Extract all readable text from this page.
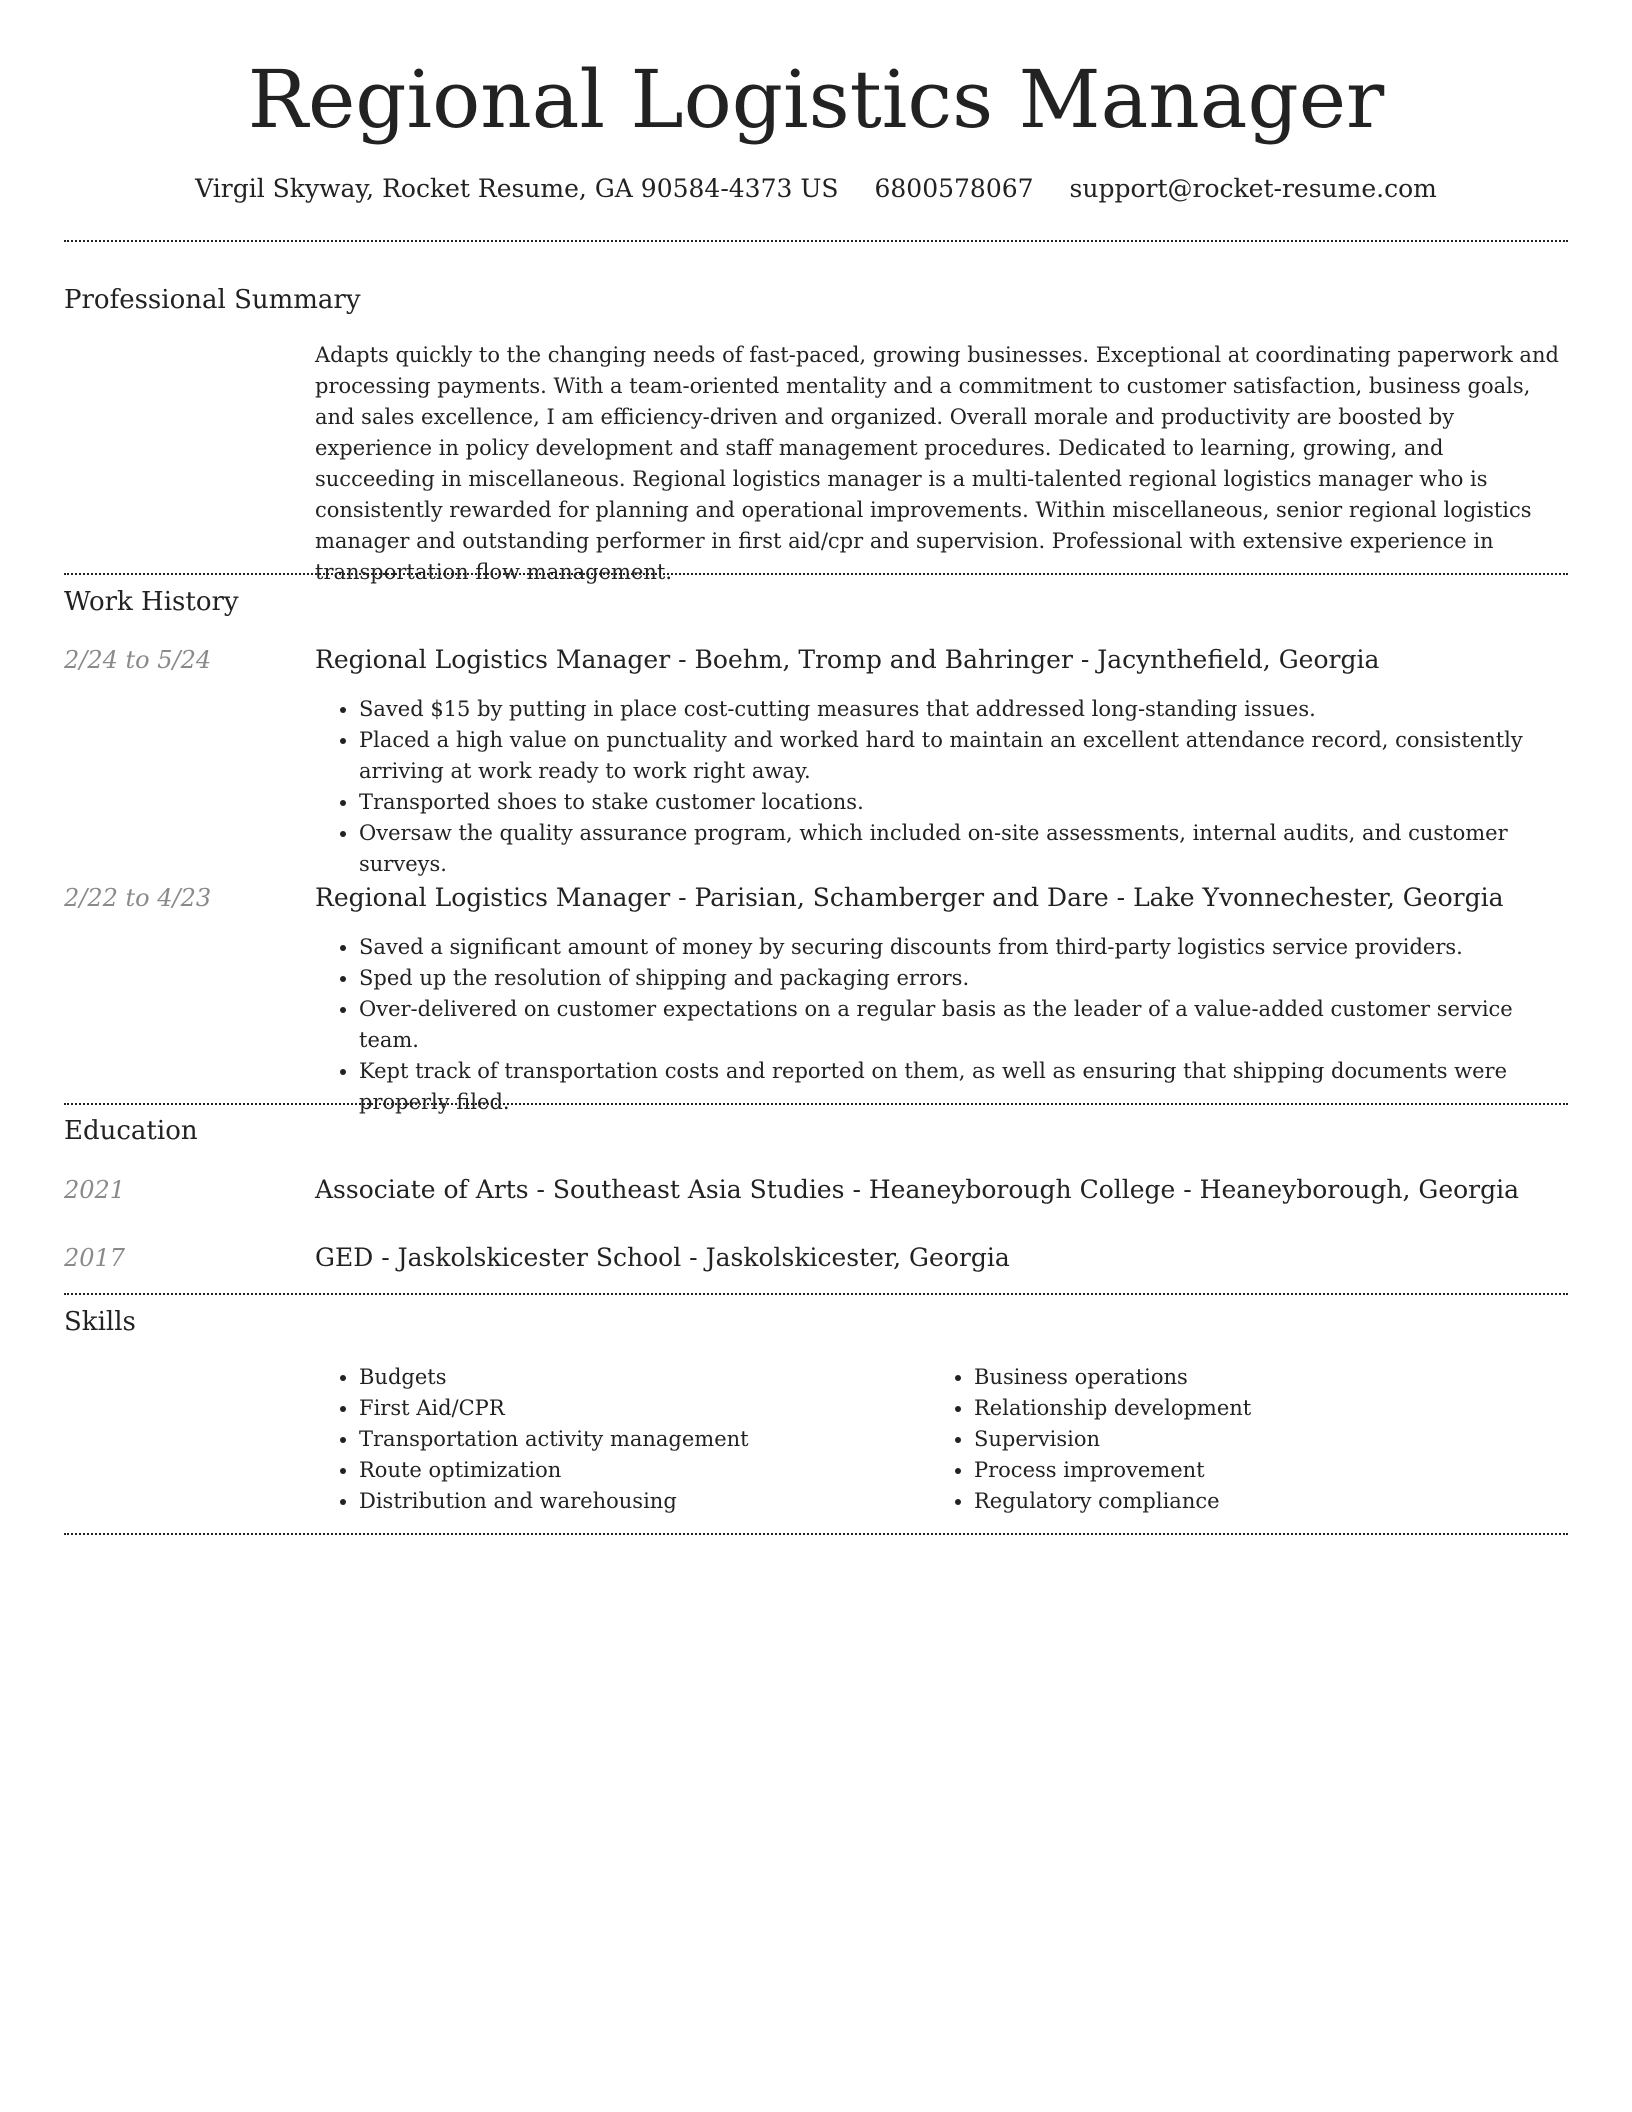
Regional Logistics Manager
Virgil Skyway, Rocket Resume, GA 90584-4373 US 6800578067 support@rocket-resume.com
Professional Summary

Adapts quickly to the changing needs of fast-paced, growing businesses. Exceptional at coordinating paperwork and processing payments. With a team-oriented mentality and a commitment to customer satisfaction, business goals, and sales excellence, I am efficiency-driven and organized. Overall morale and productivity are boosted by experience in policy development and staff management procedures. Dedicated to learning, growing, and succeeding in miscellaneous. Regional logistics manager is a multi-talented regional logistics manager who is consistently rewarded for planning and operational improvements. Within miscellaneous, senior regional logistics manager and outstanding performer in first aid/cpr and supervision. Professional with extensive experience in transportation flow management.

Work History
2/24 to 5/24	Regional Logistics Manager - Boehm, Tromp and Bahringer - Jacynthefield, Georgia
• Saved $15 by putting in place cost-cutting measures that addressed long-standing issues.
• Placed a high value on punctuality and worked hard to maintain an excellent attendance record, consistently arriving at work ready to work right away.
• Transported shoes to stake customer locations.
• Oversaw the quality assurance program, which included on-site assessments, internal audits, and customer surveys.
2/22 to 4/23	Regional Logistics Manager - Parisian, Schamberger and Dare - Lake Yvonnechester, Georgia
• Saved a significant amount of money by securing discounts from third-party logistics service providers.
• Sped up the resolution of shipping and packaging errors.
• Over-delivered on customer expectations on a regular basis as the leader of a value-added customer service team.
• Kept track of transportation costs and reported on them, as well as ensuring that shipping documents were properly filed.
Education
2021	Associate of Arts - Southeast Asia Studies - Heaneyborough College - Heaneyborough, Georgia
2017	GED - Jaskolskicester School - Jaskolskicester, Georgia
Skills
• Budgets
• First Aid/CPR
• Transportation activity management
• Route optimization
• Distribution and warehousing
• Business operations
• Relationship development
• Supervision
• Process improvement
• Regulatory compliance
